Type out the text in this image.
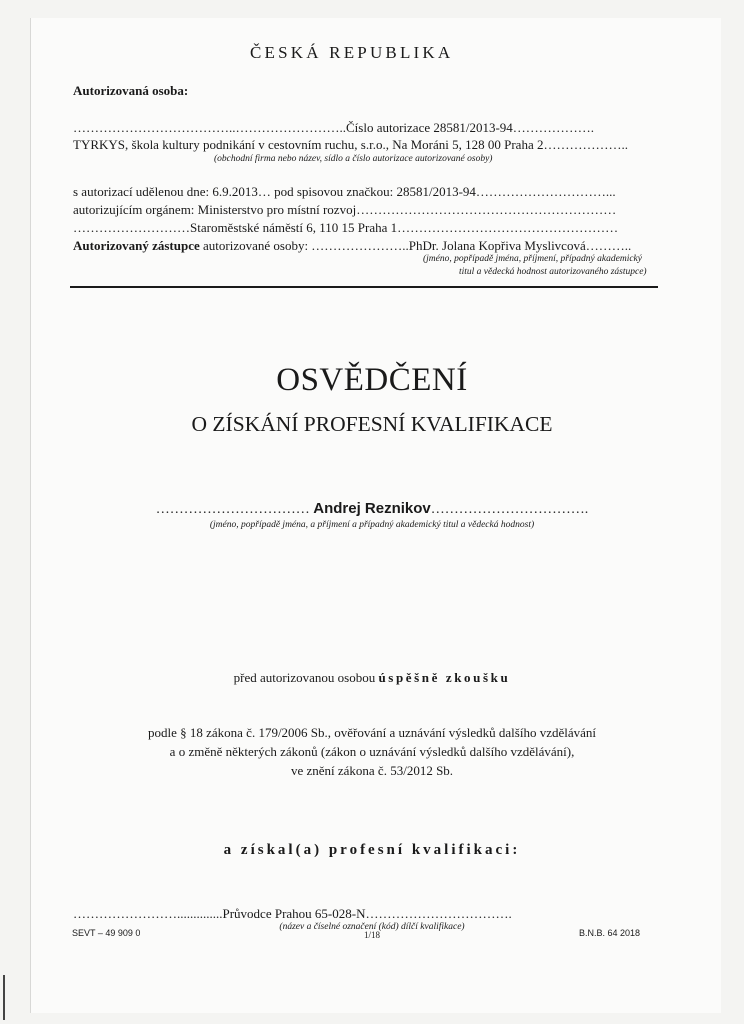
ČESKÁ REPUBLIKA
Autorizovaná osoba:
………………………………..……………………..Číslo autorizace 28581/2013-94……………….
TYRKYS, škola kultury podnikání v cestovním ruchu, s.r.o., Na Moráni 5, 128 00 Praha 2………………..
(obchodní firma nebo název, sídlo a číslo autorizace autorizované osoby)
s autorizací udělenou dne: 6.9.2013… pod spisovou značkou: 28581/2013-94…………………………...
autorizujícím orgánem: Ministerstvo pro místní rozvoj……………………………………………………
………………………Staroměstské náměstí 6, 110 15 Praha 1……………………………………………
Autorizovaný zástupce autorizované osoby: …………………..PhDr. Jolana Kopřiva Myslivcová………..
(jméno, popřípadě jména, příjmení, případný akademický
titul a vědecká hodnost autorizovaného zástupce)
OSVĚDČENÍ
O ZÍSKÁNÍ PROFESNÍ KVALIFIKACE
…………………………… Andrej Reznikov…………………………….
(jméno, popřípadě jména, a příjmení a případný akademický titul a vědecká hodnost)
před autorizovanou osobou úspěšně zkoušku
podle § 18 zákona č. 179/2006 Sb., ověřování a uznávání výsledků dalšího vzdělávání
a o změně některých zákonů (zákon o uznávání výsledků dalšího vzdělávání),
ve znění zákona č. 53/2012 Sb.
a získal(a) profesní kvalifikaci:
……………………..............Průvodce Prahou 65-028-N…………………………….
(název a číselné označení (kód) dílčí kvalifikace)
SEVT – 49 909 0	1/18	B.N.B. 64 2018
